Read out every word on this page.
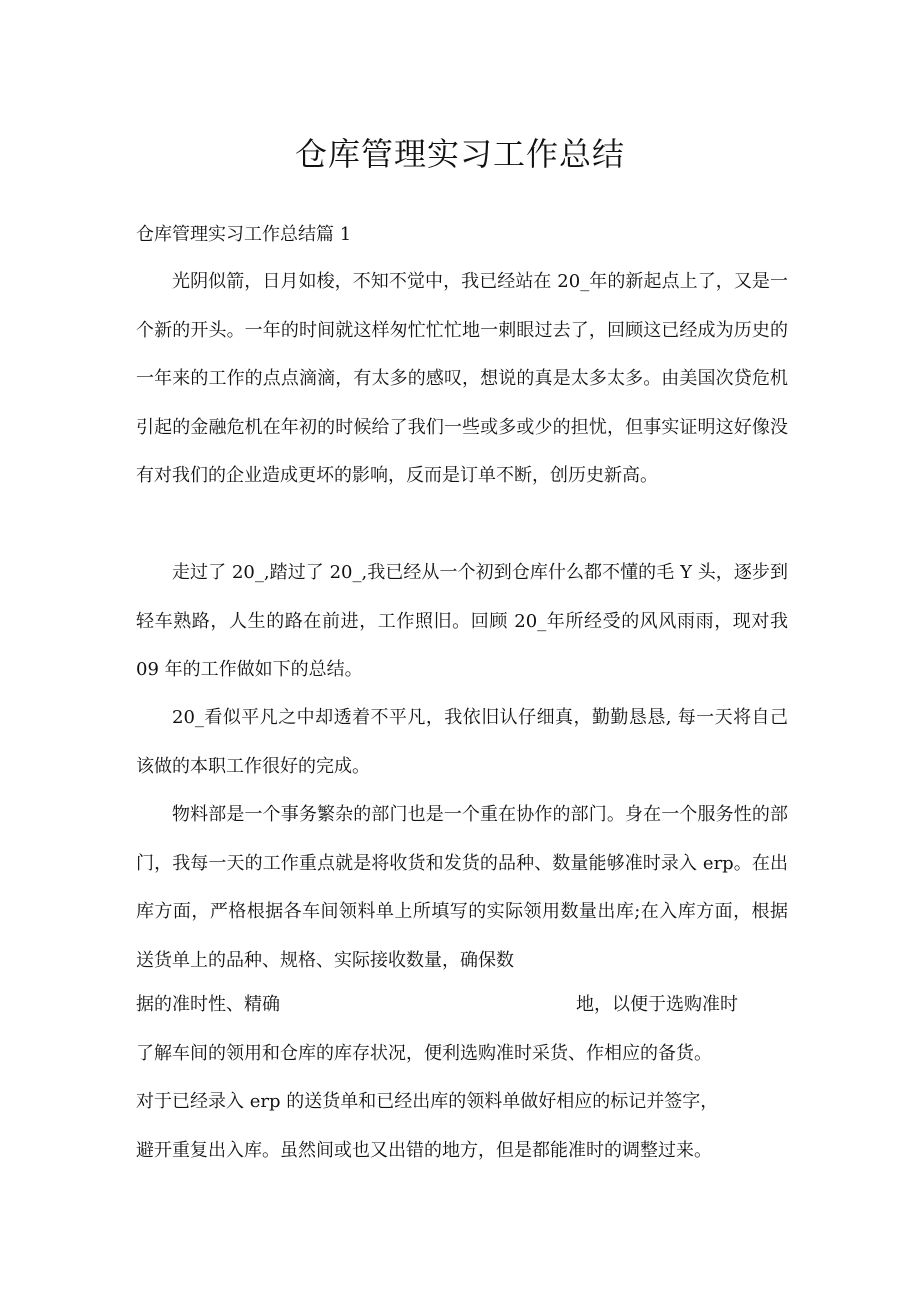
仓库管理实习工作总结
仓库管理实习工作总结篇 1

光阴似箭，日月如梭，不知不觉中，我已经站在 20_年的新起点上了，又是一个新的开头。一年的时间就这样匆忙忙忙地一刺眼过去了，回顾这已经成为历史的一年来的工作的点点滴滴，有太多的感叹，想说的真是太多太多。由美国次贷危机引起的金融危机在年初的时候给了我们一些或多或少的担忧，但事实证明这好像没有对我们的企业造成更坏的影响，反而是订单不断，创历史新高。

走过了 20_,踏过了 20_,我已经从一个初到仓库什么都不懂的毛 Y 头，逐步到轻车熟路，人生的路在前进，工作照旧。回顾 20_年所经受的风风雨雨，现对我 09 年的工作做如下的总结。

20_看似平凡之中却透着不平凡，我依旧认仔细真，勤勤恳恳, 每一天将自己该做的本职工作很好的完成。

物料部是一个事务繁杂的部门也是一个重在协作的部门。身在一个服务性的部门，我每一天的工作重点就是将收货和发货的品种、数量能够准时录入 erp。在出库方面，严格根据各车间领料单上所填写的实际领用数量出库;在入库方面，根据送货单上的品种、规格、实际接收数量，确保数

据的准时性、精确	地，以便于选购准时
了解车间的领用和仓库的库存状况，便利选购准时采货、作相应的备货。
对于已经录入 erp 的送货单和已经出库的领料单做好相应的标记并签字，
避开重复出入库。虽然间或也又出错的地方，但是都能准时的调整过来。
